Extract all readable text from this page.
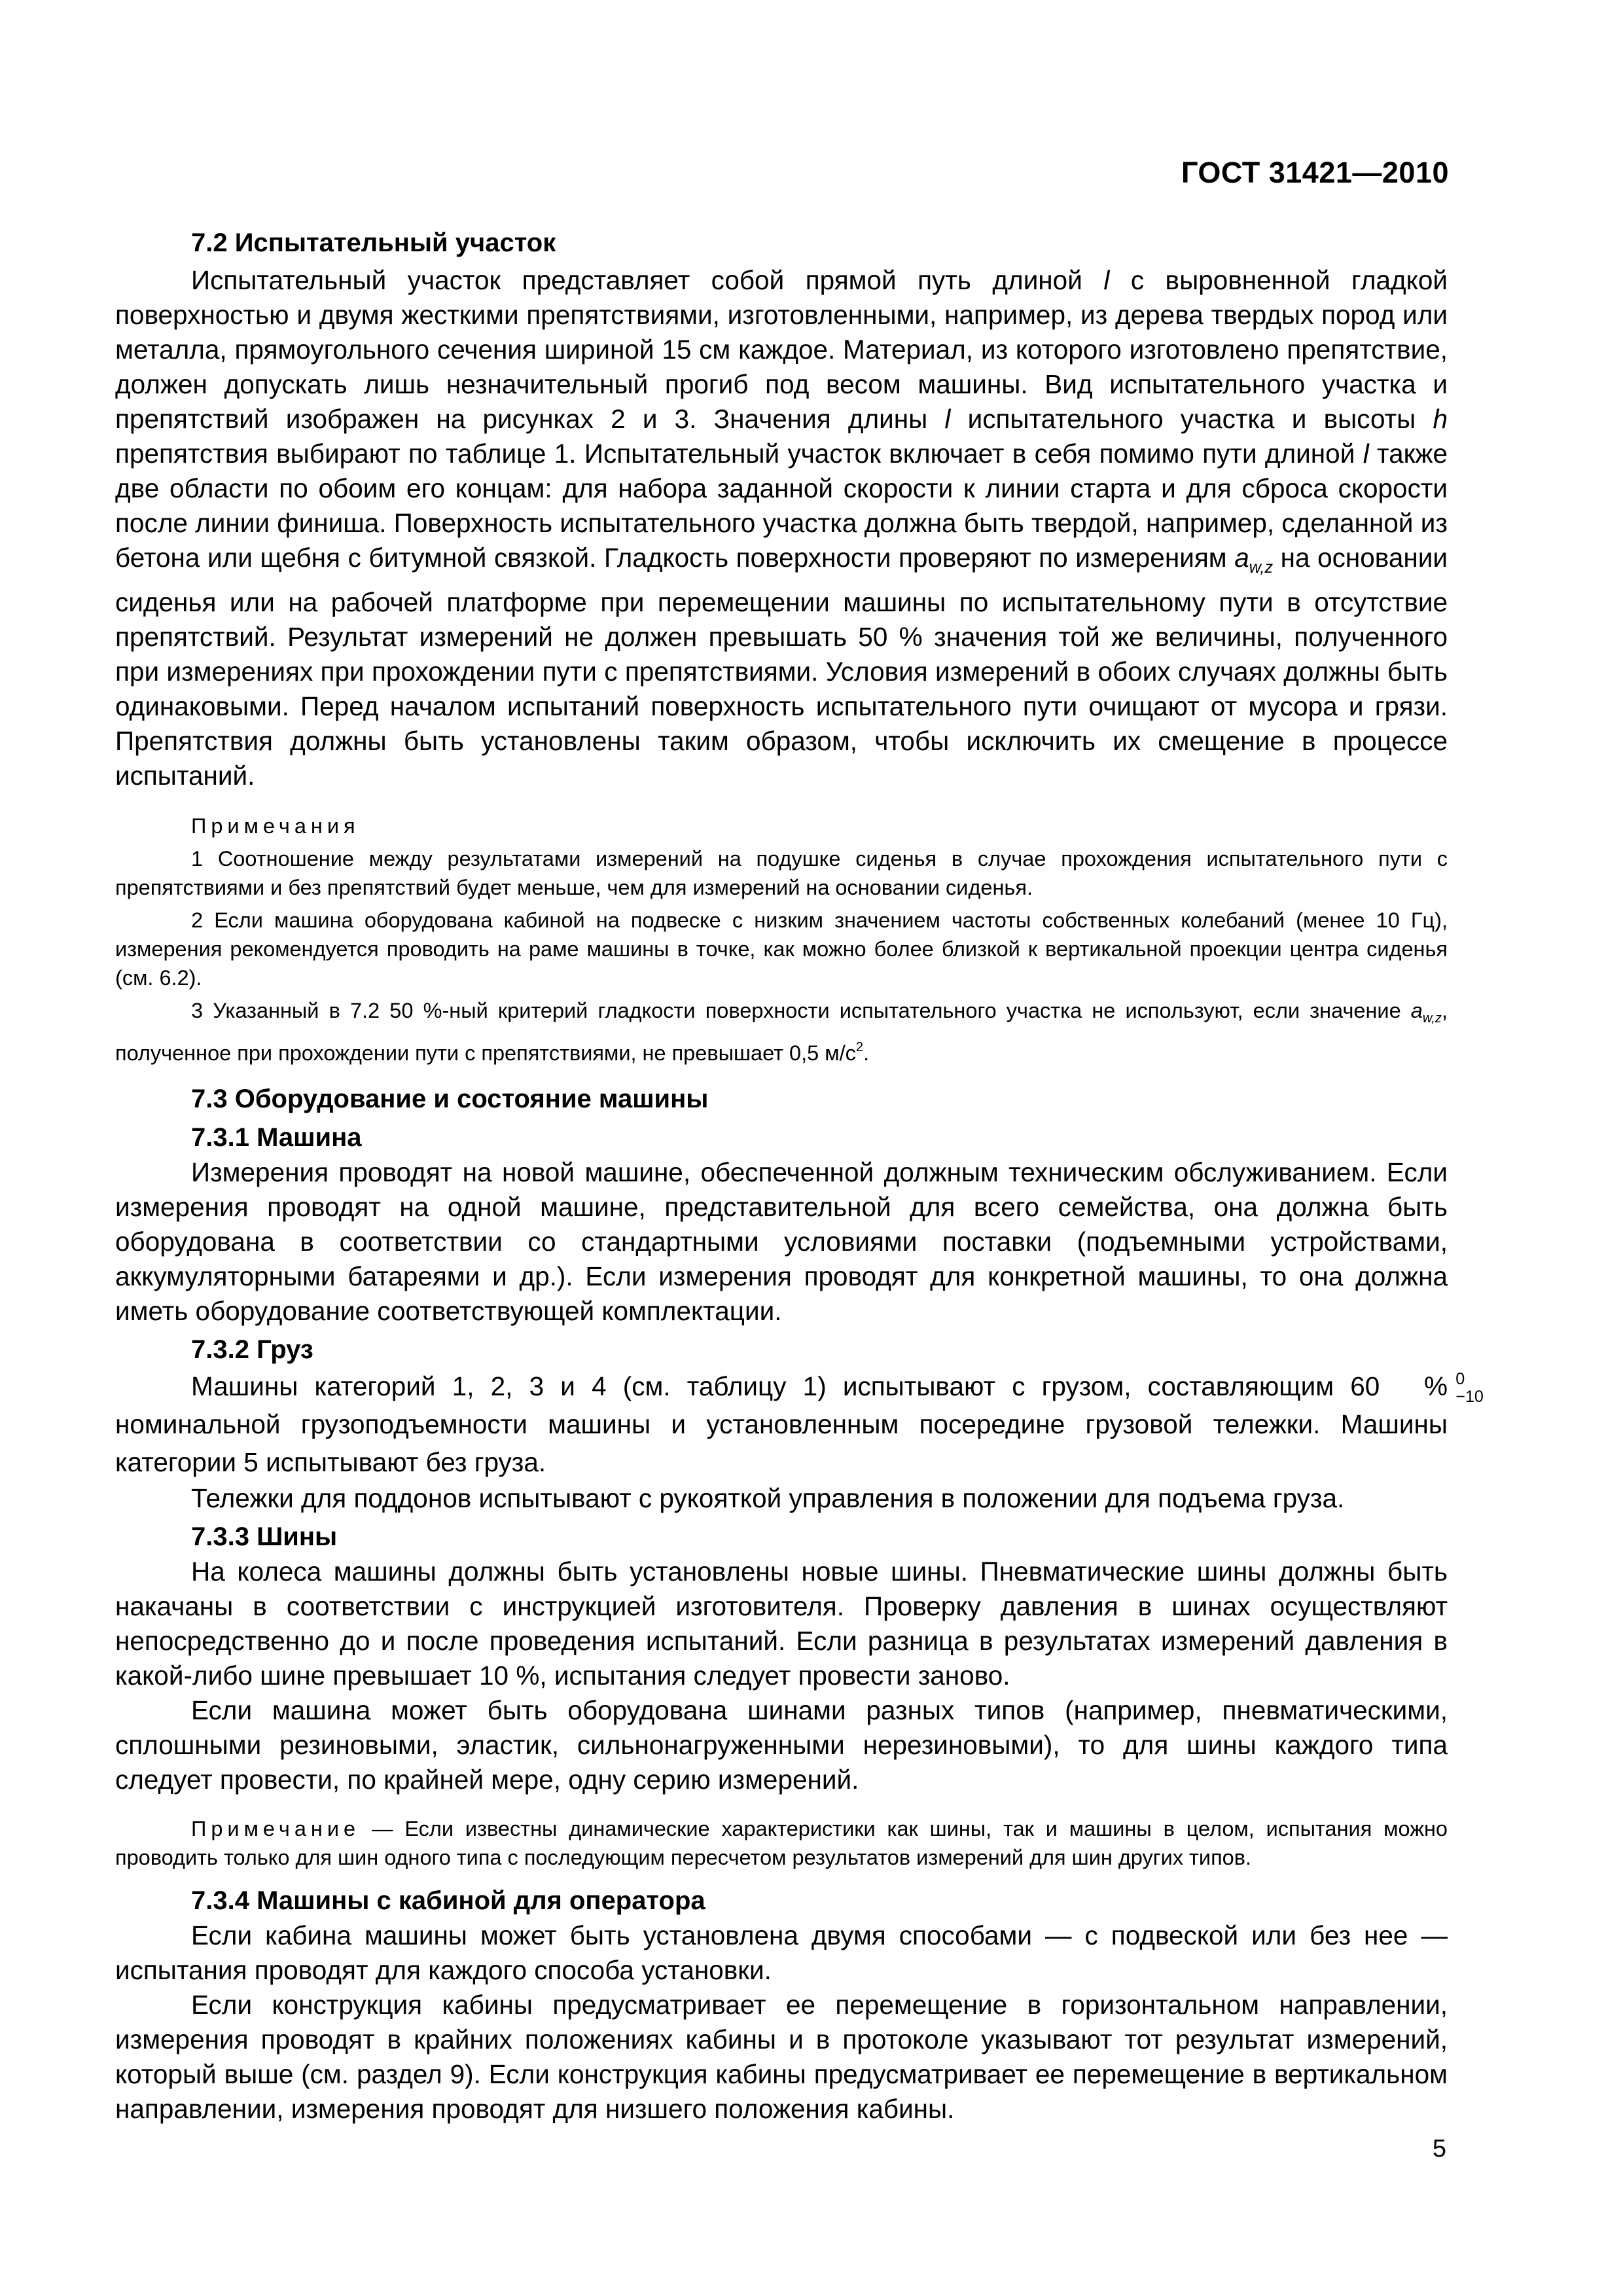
ГОСТ 31421—2010

7.2 Испытательный участок

Испытательный участок представляет собой прямой путь длиной l с выровненной гладкой поверхностью и двумя жесткими препятствиями, изготовленными, например, из дерева твердых пород или металла, прямоугольного сечения шириной 15 см каждое. Материал, из которого изготовлено препятствие, должен допускать лишь незначительный прогиб под весом машины. Вид испытательного участка и препятствий изображен на рисунках 2 и 3. Значения длины l испытательного участка и высоты h препятствия выбирают по таблице 1. Испытательный участок включает в себя помимо пути длиной l также две области по обоим его концам: для набора заданной скорости к линии старта и для сброса скорости после линии финиша. Поверхность испытательного участка должна быть твердой, например, сделанной из бетона или щебня с битумной связкой. Гладкость поверхности проверяют по измерениям $a_{w,z}$ на основании сиденья или на рабочей платформе при перемещении машины по испытательному пути в отсутствие препятствий. Результат измерений не должен превышать 50 % значения той же величины, полученного при измерениях при прохождении пути с препятствиями. Условия измерений в обоих случаях должны быть одинаковыми. Перед началом испытаний поверхность испытательного пути очищают от мусора и грязи. Препятствия должны быть установлены таким образом, чтобы исключить их смещение в процессе испытаний.

Примечания

1 Соотношение между результатами измерений на подушке сиденья в случае прохождения испытательного пути с препятствиями и без препятствий будет меньше, чем для измерений на основании сиденья.

2 Если машина оборудована кабиной на подвеске с низким значением частоты собственных колебаний (менее 10 Гц), измерения рекомендуется проводить на раме машины в точке, как можно более близкой к вертикальной проекции центра сиденья (см. 6.2).

3 Указанный в 7.2 50 %-ный критерий гладкости поверхности испытательного участка не используют, если значение $a_{w,z}$, полученное при прохождении пути с препятствиями, не превышает 0,5 $м/с^2$.

7.3 Оборудование и состояние машины

7.3.1 Машина

Измерения проводят на новой машине, обеспеченной должным техническим обслуживанием. Если измерения проводят на одной машине, представительной для всего семейства, она должна быть оборудована в соответствии со стандартными условиями поставки (подъемными устройствами, аккумуляторными батареями и др.). Если измерения проводят для конкретной машины, то она должна иметь оборудование соответствующей комплектации.

7.3.2 Груз

Машины категорий 1, 2, 3 и 4 (см. таблицу 1) испытывают с грузом, составляющим 60	0
−10
% номинальной грузоподъемности машины и установленным посередине грузовой тележки. Машины категории 5 испытывают без груза.

Тележки для поддонов испытывают с рукояткой управления в положении для подъема груза.

7.3.3 Шины

На колеса машины должны быть установлены новые шины. Пневматические шины должны быть накачаны в соответствии с инструкцией изготовителя. Проверку давления в шинах осуществляют непосредственно до и после проведения испытаний. Если разница в результатах измерений давления в какой-либо шине превышает 10 %, испытания следует провести заново.

Если машина может быть оборудована шинами разных типов (например, пневматическими, сплошными резиновыми, эластик, сильнонагруженными нерезиновыми), то для шины каждого типа следует провести, по крайней мере, одну серию измерений.

Примечание — Если известны динамические характеристики как шины, так и машины в целом, испытания можно проводить только для шин одного типа с последующим пересчетом результатов измерений для шин других типов.

7.3.4 Машины с кабиной для оператора

Если кабина машины может быть установлена двумя способами — с подвеской или без нее — испытания проводят для каждого способа установки.

Если конструкция кабины предусматривает ее перемещение в горизонтальном направлении, измерения проводят в крайних положениях кабины и в протоколе указывают тот результат измерений, который выше (см. раздел 9). Если конструкция кабины предусматривает ее перемещение в вертикальном направлении, измерения проводят для низшего положения кабины.

5
